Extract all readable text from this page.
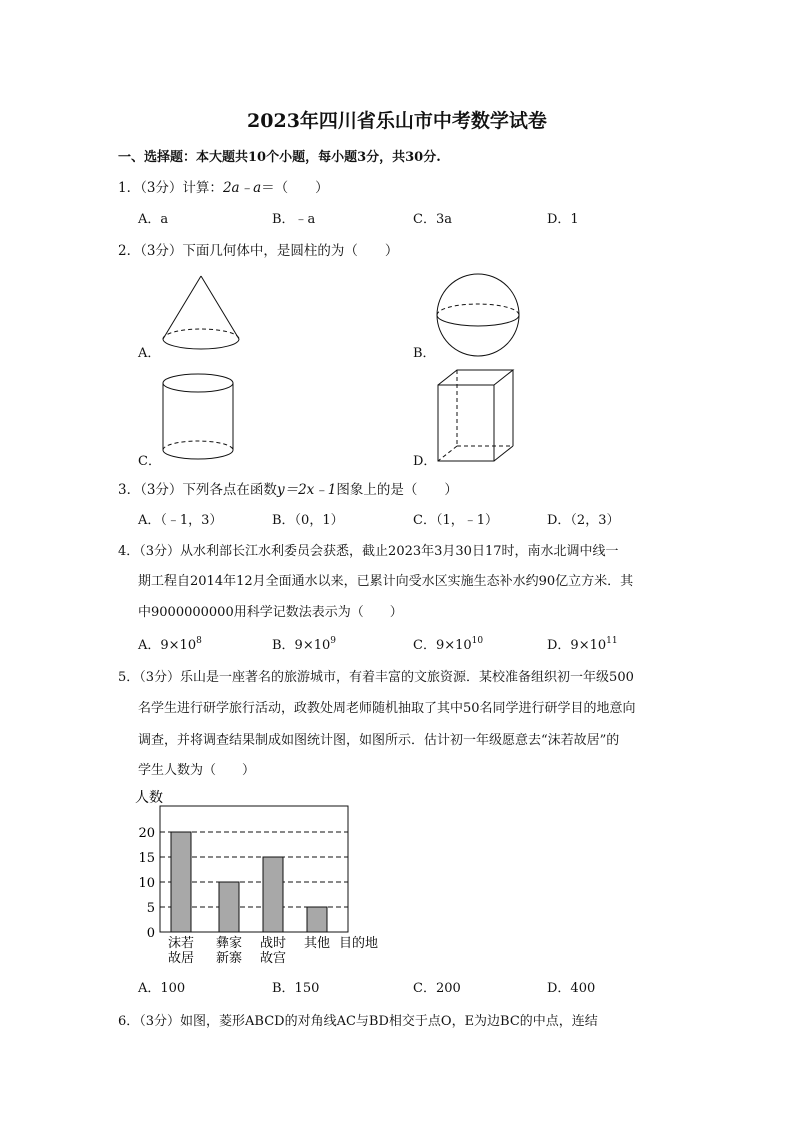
2023年四川省乐山市中考数学试卷
一、选择题：本大题共10个小题，每小题3分，共30分.
1．（3分）计算：2a﹣a＝（　　）
A．a	B．﹣a	C．3a	D．1
2．（3分）下面几何体中，是圆柱的为（　　）
A．	B．
C．	D．
3．（3分）下列各点在函数y＝2x﹣1图象上的是（　　）
A．（﹣1，3）	B．（0，1）	C．（1，﹣1）	D．（2，3）
4．（3分）从水利部长江水利委员会获悉，截止2023年3月30日17时，南水北调中线一
期工程自2014年12月全面通水以来，已累计向受水区实施生态补水约90亿立方米．其
中9000000000用科学记数法表示为（　　）
A．$9\times 10^8$	B．$9\times 10^9$	C．$9\times 10^{10}$	D．$9\times 10^{11}$
5．（3分）乐山是一座著名的旅游城市，有着丰富的文旅资源．某校准备组织初一年级500
名学生进行研学旅行活动，政教处周老师随机抽取了其中50名同学进行研学目的地意向
调查，并将调查结果制成如图统计图，如图所示．估计初一年级愿意去“沫若故居”的
学生人数为（　　）
人数
0
5
10
15
20
沫若
故居
彝家
新寨
战时
故宫
其他 目的地
A．100	B．150	C．200	D．400
6．（3分）如图，菱形ABCD的对角线AC与BD相交于点O，E为边BC的中点，连结
